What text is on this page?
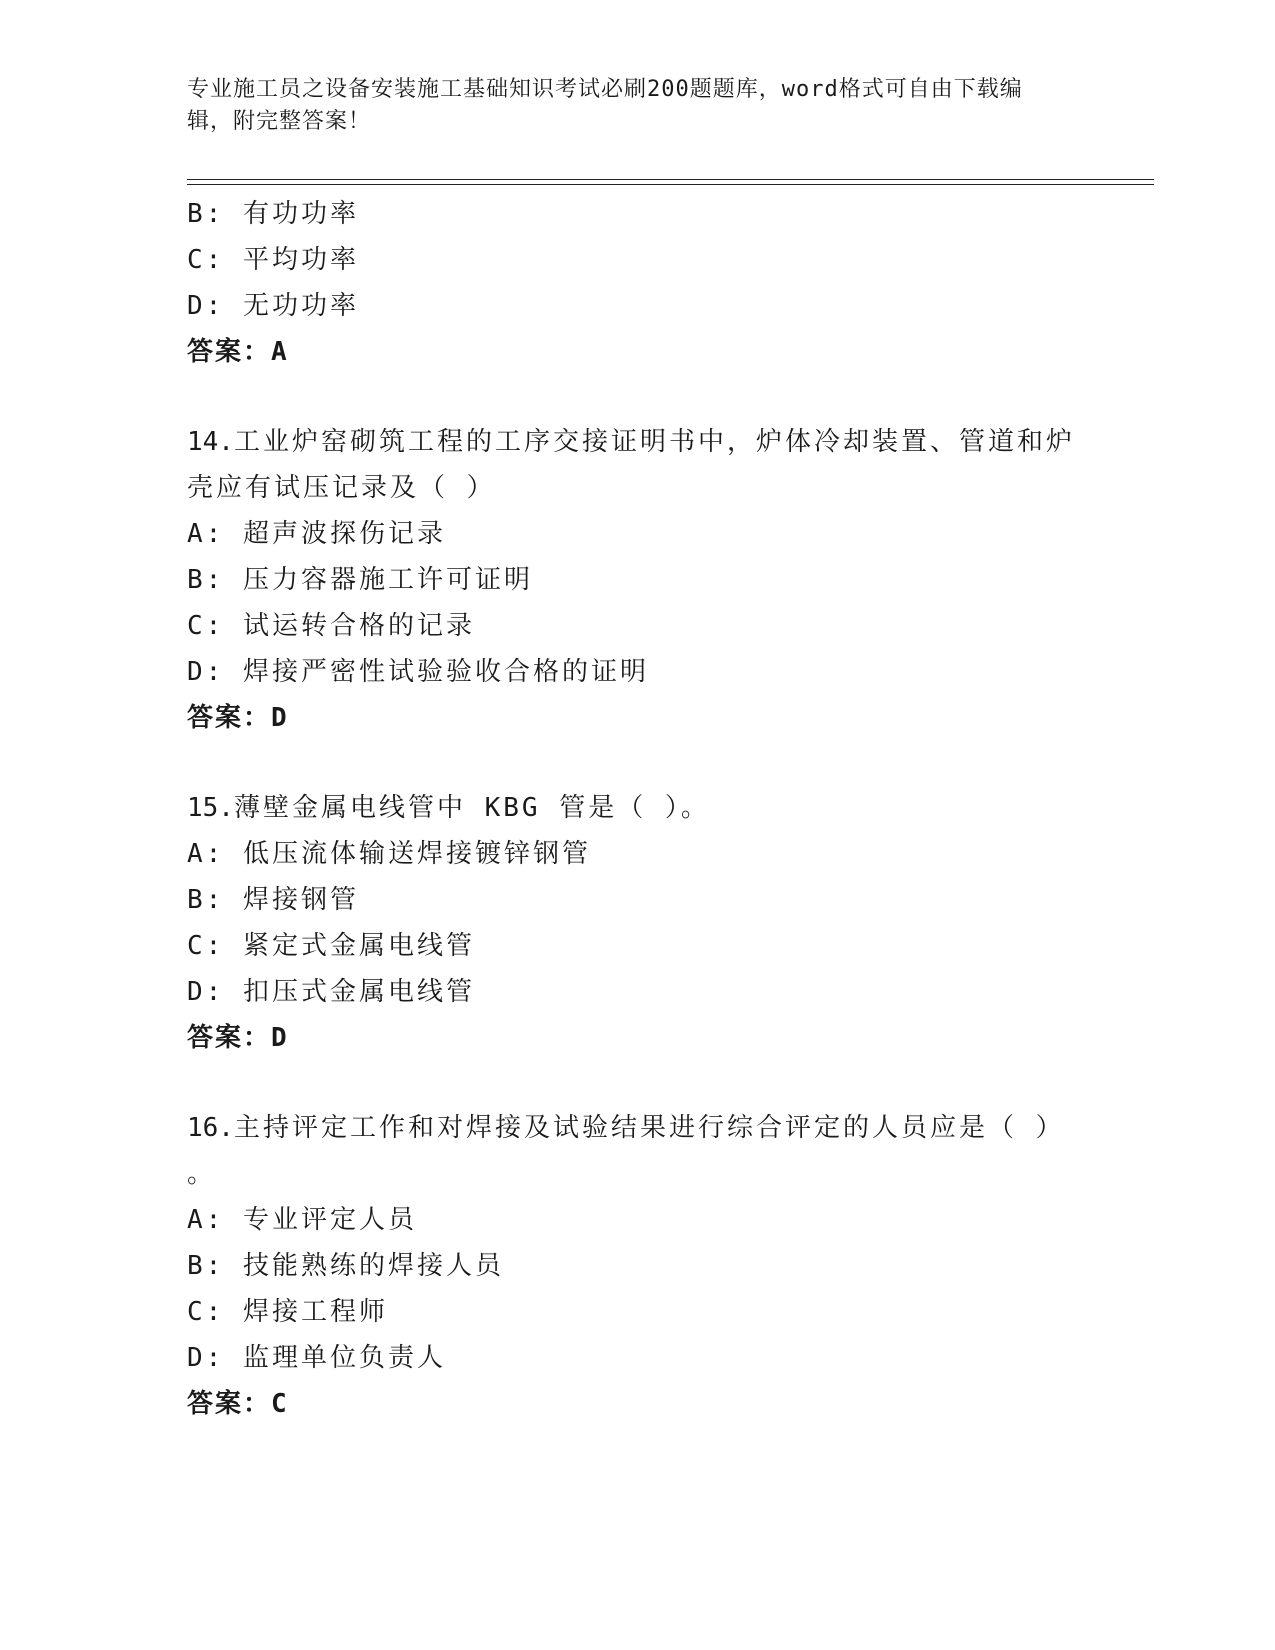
专业施工员之设备安装施工基础知识考试必刷200题题库，word格式可自由下载编辑，附完整答案！
B: 有功功率
C: 平均功率
D: 无功功率
答案：A
14.工业炉窑砌筑工程的工序交接证明书中，炉体冷却装置、管道和炉
壳应有试压记录及（ ）
A: 超声波探伤记录
B: 压力容器施工许可证明
C: 试运转合格的记录
D: 焊接严密性试验验收合格的证明
答案：D
15.薄壁金属电线管中 KBG 管是（ ）。
A: 低压流体输送焊接镀锌钢管
B: 焊接钢管
C: 紧定式金属电线管
D: 扣压式金属电线管
答案：D
16.主持评定工作和对焊接及试验结果进行综合评定的人员应是（ ）
。
A: 专业评定人员
B: 技能熟练的焊接人员
C: 焊接工程师
D: 监理单位负责人
答案：C
